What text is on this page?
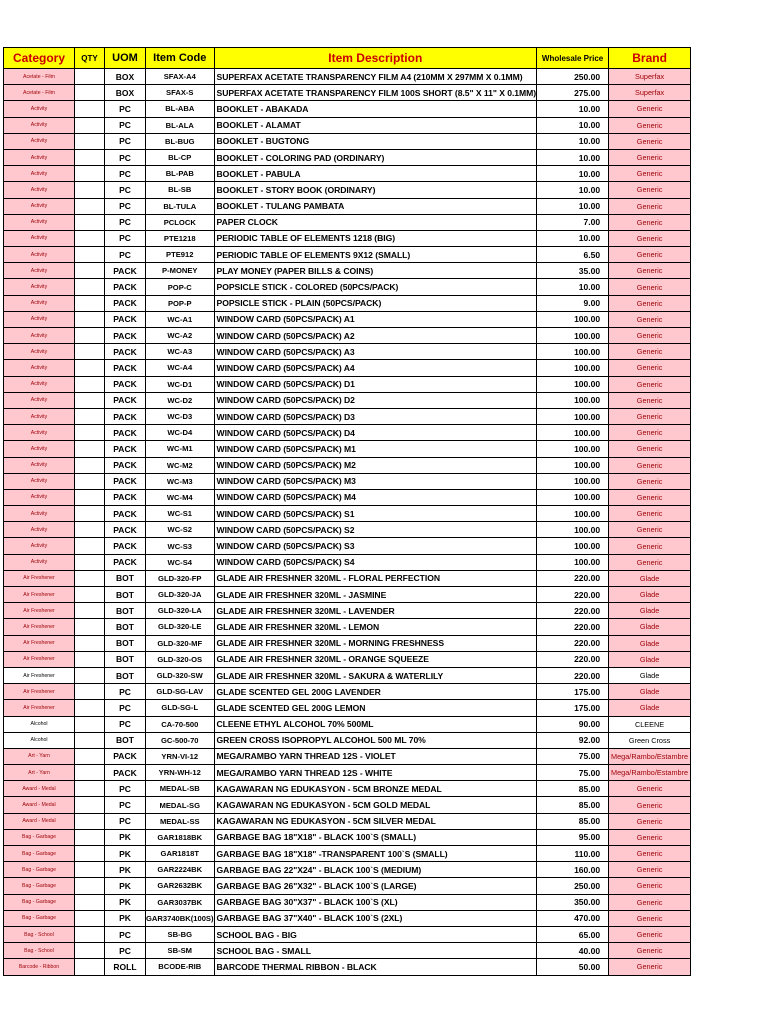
Category	QTY	UOM	Item Code	Item Description	Wholesale Price	Brand
Acetate - Film		BOX	SFAX-A4	SUPERFAX ACETATE TRANSPARENCY FILM A4 (210MM X 297MM X 0.1MM)	250.00	Superfax
Acetate - Film		BOX	SFAX-S	SUPERFAX ACETATE TRANSPARENCY FILM 100S SHORT (8.5" X 11" X 0.1MM)	275.00	Superfax
Activity		PC	BL-ABA	BOOKLET - ABAKADA	10.00	Generic
Activity		PC	BL-ALA	BOOKLET - ALAMAT	10.00	Generic
Activity		PC	BL-BUG	BOOKLET - BUGTONG	10.00	Generic
Activity		PC	BL-CP	BOOKLET - COLORING PAD (ORDINARY)	10.00	Generic
Activity		PC	BL-PAB	BOOKLET - PABULA	10.00	Generic
Activity		PC	BL-SB	BOOKLET - STORY BOOK (ORDINARY)	10.00	Generic
Activity		PC	BL-TULA	BOOKLET - TULANG PAMBATA	10.00	Generic
Activity		PC	PCLOCK	PAPER CLOCK	7.00	Generic
Activity		PC	PTE1218	PERIODIC TABLE OF ELEMENTS 1218 (BIG)	10.00	Generic
Activity		PC	PTE912	PERIODIC TABLE OF ELEMENTS 9X12 (SMALL)	6.50	Generic
Activity		PACK	P-MONEY	PLAY MONEY (PAPER BILLS & COINS)	35.00	Generic
Activity		PACK	POP-C	POPSICLE STICK - COLORED (50PCS/PACK)	10.00	Generic
Activity		PACK	POP-P	POPSICLE STICK - PLAIN (50PCS/PACK)	9.00	Generic
Activity		PACK	WC-A1	WINDOW CARD (50PCS/PACK) A1	100.00	Generic
Activity		PACK	WC-A2	WINDOW CARD (50PCS/PACK) A2	100.00	Generic
Activity		PACK	WC-A3	WINDOW CARD (50PCS/PACK) A3	100.00	Generic
Activity		PACK	WC-A4	WINDOW CARD (50PCS/PACK) A4	100.00	Generic
Activity		PACK	WC-D1	WINDOW CARD (50PCS/PACK) D1	100.00	Generic
Activity		PACK	WC-D2	WINDOW CARD (50PCS/PACK) D2	100.00	Generic
Activity		PACK	WC-D3	WINDOW CARD (50PCS/PACK) D3	100.00	Generic
Activity		PACK	WC-D4	WINDOW CARD (50PCS/PACK) D4	100.00	Generic
Activity		PACK	WC-M1	WINDOW CARD (50PCS/PACK) M1	100.00	Generic
Activity		PACK	WC-M2	WINDOW CARD (50PCS/PACK) M2	100.00	Generic
Activity		PACK	WC-M3	WINDOW CARD (50PCS/PACK) M3	100.00	Generic
Activity		PACK	WC-M4	WINDOW CARD (50PCS/PACK) M4	100.00	Generic
Activity		PACK	WC-S1	WINDOW CARD (50PCS/PACK) S1	100.00	Generic
Activity		PACK	WC-S2	WINDOW CARD (50PCS/PACK) S2	100.00	Generic
Activity		PACK	WC-S3	WINDOW CARD (50PCS/PACK) S3	100.00	Generic
Activity		PACK	WC-S4	WINDOW CARD (50PCS/PACK) S4	100.00	Generic
Air Freshener		BOT	GLD-320-FP	GLADE AIR FRESHNER 320ML - FLORAL PERFECTION	220.00	Glade
Air Freshener		BOT	GLD-320-JA	GLADE AIR FRESHNER 320ML - JASMINE	220.00	Glade
Air Freshener		BOT	GLD-320-LA	GLADE AIR FRESHNER 320ML - LAVENDER	220.00	Glade
Air Freshener		BOT	GLD-320-LE	GLADE AIR FRESHNER 320ML - LEMON	220.00	Glade
Air Freshener		BOT	GLD-320-MF	GLADE AIR FRESHNER 320ML - MORNING FRESHNESS	220.00	Glade
Air Freshener		BOT	GLD-320-OS	GLADE AIR FRESHNER 320ML - ORANGE SQUEEZE	220.00	Glade
Air Freshener		BOT	GLD-320-SW	GLADE AIR FRESHNER 320ML - SAKURA & WATERLILY	220.00	Glade
Air Freshener		PC	GLD-SG-LAV	GLADE SCENTED GEL 200G LAVENDER	175.00	Glade
Air Freshener		PC	GLD-SG-L	GLADE SCENTED GEL 200G LEMON	175.00	Glade
Alcohol		PC	CA-70-500	CLEENE ETHYL ALCOHOL 70% 500ML	90.00	CLEENE
Alcohol		BOT	GC-500-70	GREEN CROSS ISOPROPYL ALCOHOL 500 ML 70%	92.00	Green Cross
Art - Yarn		PACK	YRN-VI-12	MEGA/RAMBO YARN THREAD 12S - VIOLET	75.00	Mega/Rambo/Estambre
Art - Yarn		PACK	YRN-WH-12	MEGA/RAMBO YARN THREAD 12S - WHITE	75.00	Mega/Rambo/Estambre
Award - Medal		PC	MEDAL-SB	KAGAWARAN NG EDUKASYON - 5CM BRONZE MEDAL	85.00	Generic
Award - Medal		PC	MEDAL-SG	KAGAWARAN NG EDUKASYON - 5CM GOLD MEDAL	85.00	Generic
Award - Medal		PC	MEDAL-SS	KAGAWARAN NG EDUKASYON - 5CM SILVER MEDAL	85.00	Generic
Bag - Garbage		PK	GAR1818BK	GARBAGE BAG 18"X18" - BLACK 100`S (SMALL)	95.00	Generic
Bag - Garbage		PK	GAR1818T	GARBAGE BAG 18"X18" -TRANSPARENT 100`S (SMALL)	110.00	Generic
Bag - Garbage		PK	GAR2224BK	GARBAGE BAG 22"X24" - BLACK 100`S (MEDIUM)	160.00	Generic
Bag - Garbage		PK	GAR2632BK	GARBAGE BAG 26"X32" - BLACK 100`S (LARGE)	250.00	Generic
Bag - Garbage		PK	GAR3037BK	GARBAGE BAG 30"X37" - BLACK 100`S (XL)	350.00	Generic
Bag - Garbage		PK	GAR3740BK(100S)	GARBAGE BAG 37"X40" - BLACK 100`S (2XL)	470.00	Generic
Bag - School		PC	SB-BG	SCHOOL BAG - BIG	65.00	Generic
Bag - School		PC	SB-SM	SCHOOL BAG - SMALL	40.00	Generic
Barcode - Ribbon		ROLL	BCODE-RIB	BARCODE THERMAL RIBBON - BLACK	50.00	Generic
